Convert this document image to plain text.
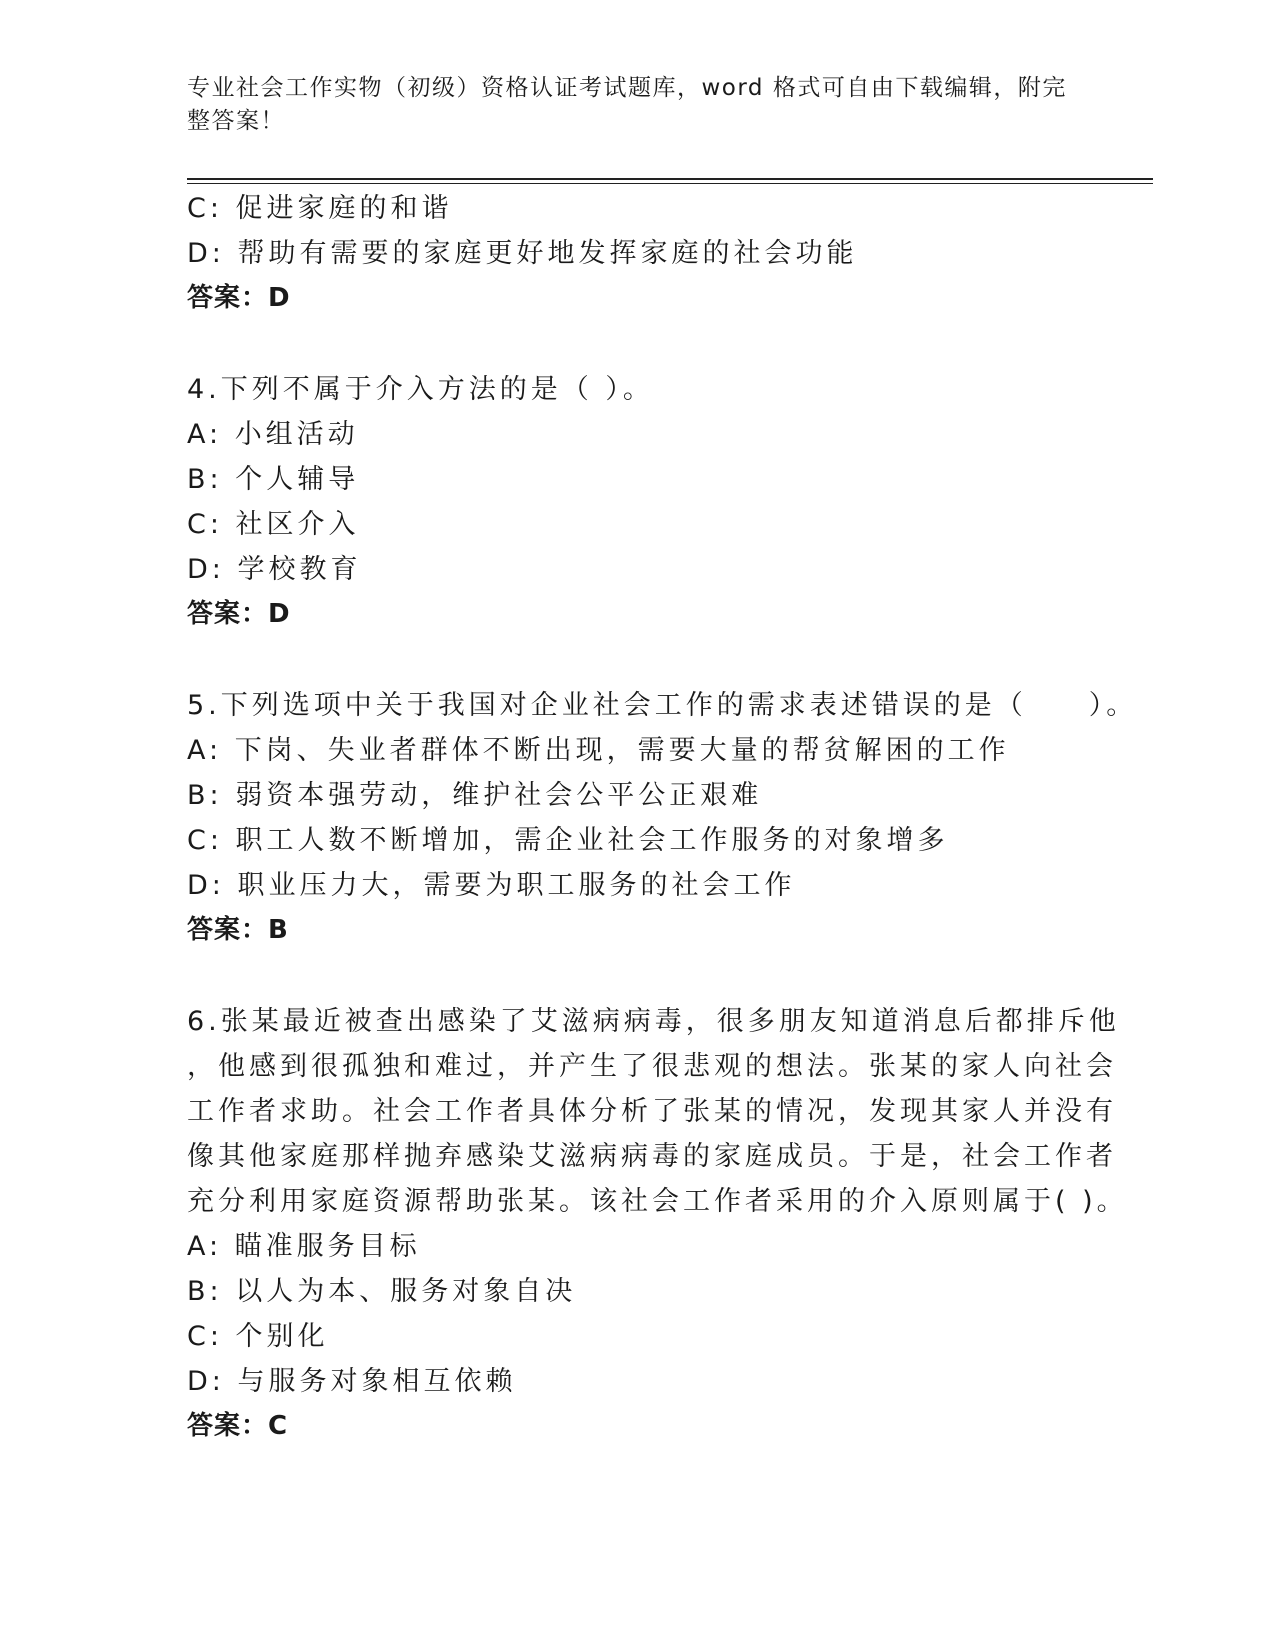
专业社会工作实物（初级）资格认证考试题库，word 格式可自由下载编辑，附完
整答案！
C: 促进家庭的和谐
D: 帮助有需要的家庭更好地发挥家庭的社会功能
答案：D
4.下列不属于介入方法的是（ ）。
A: 小组活动
B: 个人辅导
C: 社区介入
D: 学校教育
答案：D
5.下列选项中关于我国对企业社会工作的需求表述错误的是（　　）。
A: 下岗、失业者群体不断出现，需要大量的帮贫解困的工作
B: 弱资本强劳动，维护社会公平公正艰难
C: 职工人数不断增加，需企业社会工作服务的对象增多
D: 职业压力大，需要为职工服务的社会工作
答案：B
6.张某最近被查出感染了艾滋病病毒，很多朋友知道消息后都排斥他
，他感到很孤独和难过，并产生了很悲观的想法。张某的家人向社会
工作者求助。社会工作者具体分析了张某的情况，发现其家人并没有
像其他家庭那样抛弃感染艾滋病病毒的家庭成员。于是，社会工作者
充分利用家庭资源帮助张某。该社会工作者采用的介入原则属于( )。
A: 瞄准服务目标
B: 以人为本、服务对象自决
C: 个别化
D: 与服务对象相互依赖
答案：C
